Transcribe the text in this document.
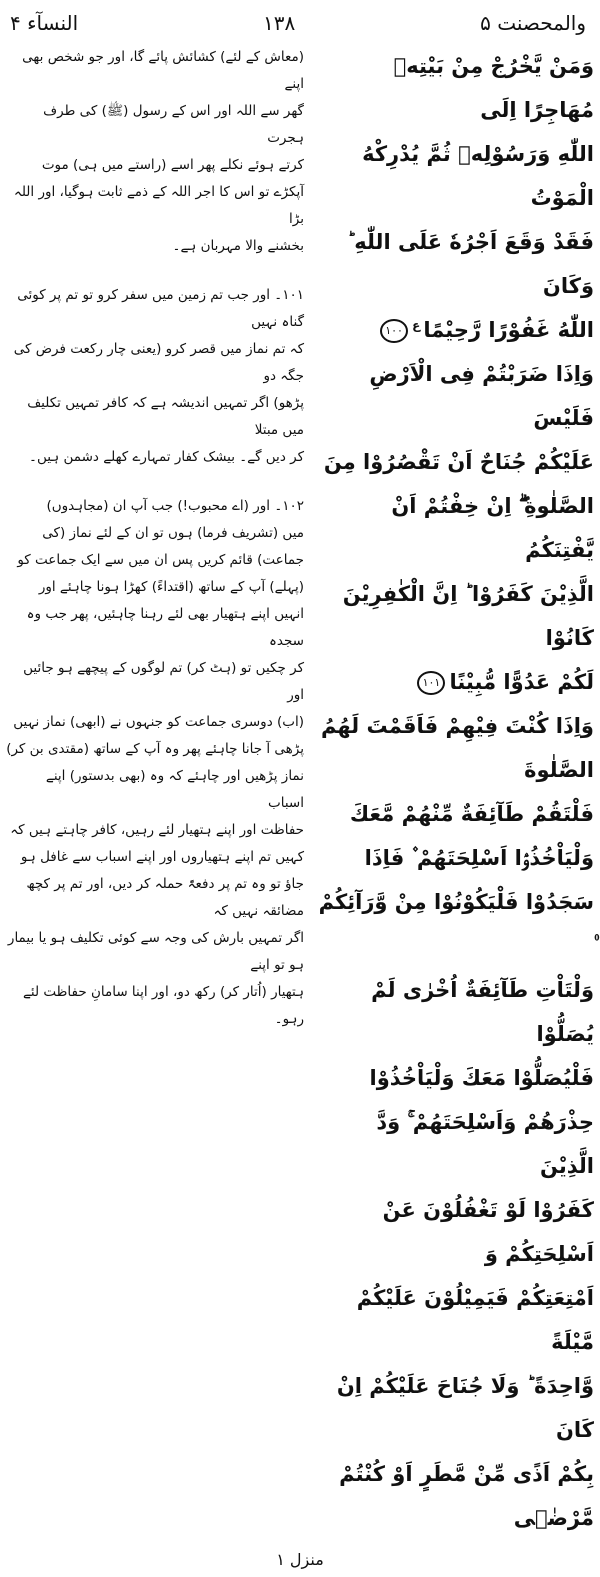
والمحصنت ۵
١٣٨
النسآء ۴
وَمَنْ يَّخْرُجْ مِنْ بَيْتِهٖ مُهَاجِرًا اِلَى
اللّٰهِ وَرَسُوْلِهٖ ثُمَّ يُدْرِكْهُ الْمَوْتُ
فَقَدْ وَقَعَ اَجْرُهٗ عَلَى اللّٰهِ ؕ وَكَانَ
اللّٰهُ غَفُوْرًا رَّحِيْمًا$^ع$١٠٠
وَاِذَا ضَرَبْتُمْ فِى الْاَرْضِ فَلَيْسَ
عَلَيْكُمْ جُنَاحٌ اَنْ تَقْصُرُوْا مِنَ
الصَّلٰوةِ ۖۗ اِنْ خِفْتُمْ اَنْ يَّفْتِنَكُمُ
الَّذِيْنَ كَفَرُوْا ؕ اِنَّ الْكٰفِرِيْنَ كَانُوْا
لَكُمْ عَدُوًّا مُّبِيْنًا١٠١
وَاِذَا كُنْتَ فِيْهِمْ فَاَقَمْتَ لَهُمُ الصَّلٰوةَ
فَلْتَقُمْ طَآئِفَةٌ مِّنْهُمْ مَّعَكَ
وَلْيَاْخُذُوْۤا اَسْلِحَتَهُمْ ۫ فَاِذَا
سَجَدُوْا فَلْيَكُوْنُوْا مِنْ وَّرَآئِكُمْ
وَلْتَاْتِ طَآئِفَةٌ اُخْرٰى لَمْ يُصَلُّوْا
فَلْيُصَلُّوْا مَعَكَ وَلْيَاْخُذُوْا
حِذْرَهُمْ وَاَسْلِحَتَهُمْ ۚ وَدَّ الَّذِيْنَ
كَفَرُوْا لَوْ تَغْفُلُوْنَ عَنْ اَسْلِحَتِكُمْ وَ
اَمْتِعَتِكُمْ فَيَمِيْلُوْنَ عَلَيْكُمْ مَّيْلَةً
وَّاحِدَةً ؕ وَلَا جُنَاحَ عَلَيْكُمْ اِنْ كَانَ
بِكُمْ اَذًى مِّنْ مَّطَرٍ اَوْ كُنْتُمْ مَّرْضٰۤى
(معاش کے لئے) کشائش پائے گا، اور جو شخص بھی اپنے
گھر سے اللہ اور اس کے رسول (ﷺ) کی طرف ہجرت
کرتے ہوئے نکلے پھر اسے (راستے میں ہی) موت
آپکڑے تو اس کا اجر اللہ کے ذمے ثابت ہوگیا، اور اللہ بڑا
بخشنے والا مہربان ہے۔
١٠١۔ اور جب تم زمین میں سفر کرو تو تم پر کوئی گناہ نہیں
کہ تم نماز میں قصر کرو (یعنی چار رکعت فرض کی جگہ دو
پڑھو) اگر تمہیں اندیشہ ہے کہ کافر تمہیں تکلیف میں مبتلا
کر دیں گے۔ بیشک کفار تمہارے کھلے دشمن ہیں۔
١٠٢۔ اور (اے محبوب!) جب آپ ان (مجاہدوں)
میں (تشریف فرما) ہوں تو ان کے لئے نماز (کی
جماعت) قائم کریں پس ان میں سے ایک جماعت کو
(پہلے) آپ کے ساتھ (اقتداءً) کھڑا ہونا چاہئے اور
انہیں اپنے ہتھیار بھی لئے رہنا چاہئیں، پھر جب وہ سجدہ
کر چکیں تو (ہٹ کر) تم لوگوں کے پیچھے ہو جائیں اور
(اب) دوسری جماعت کو جنہوں نے (ابھی) نماز نہیں
پڑھی آ جانا چاہئے پھر وہ آپ کے ساتھ (مقتدی بن کر)
نماز پڑھیں اور چاہئے کہ وہ (بھی بدستور) اپنے اسباب
حفاظت اور اپنے ہتھیار لئے رہیں، کافر چاہتے ہیں کہ
کہیں تم اپنے ہتھیاروں اور اپنے اسباب سے غافل ہو
جاؤ تو وہ تم پر دفعۃً حملہ کر دیں، اور تم پر کچھ مضائقہ نہیں کہ
اگر تمہیں بارش کی وجہ سے کوئی تکلیف ہو یا بیمار ہو تو اپنے
ہتھیار (اُتار کر) رکھ دو، اور اپنا سامانِ حفاظت لئے رہو۔
منزل ١
